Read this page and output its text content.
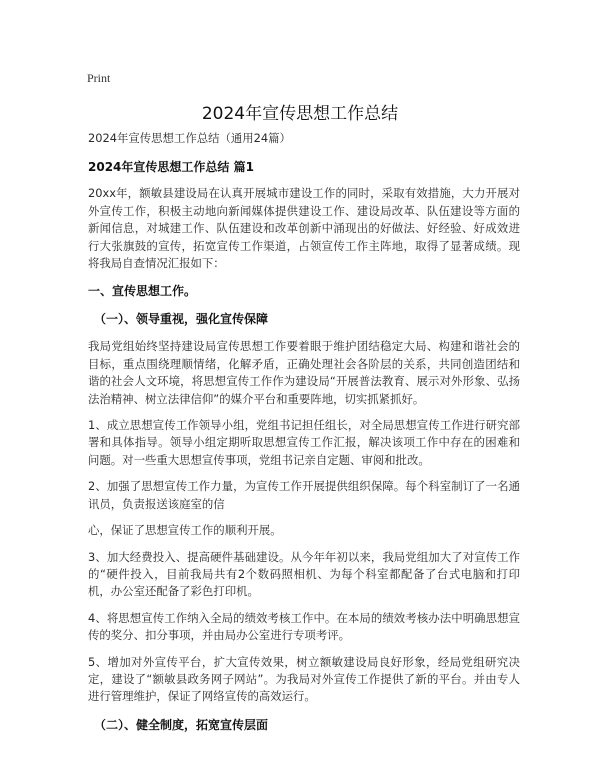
Print
2024年宣传思想工作总结

2024年宣传思想工作总结（通用24篇）

2024年宣传思想工作总结 篇1

20xx年，额敏县建设局在认真开展城市建设工作的同时，采取有效措施，大力开展对外宣传工作，积极主动地向新闻媒体提供建设工作、建设局改革、队伍建设等方面的新闻信息，对城建工作、队伍建设和改革创新中涌现出的好做法、好经验、好成效进行大张旗鼓的宣传，拓宽宣传工作渠道，占领宣传工作主阵地，取得了显著成绩。现将我局自查情况汇报如下：

一、宣传思想工作。

（一）、领导重视，强化宣传保障

我局党组始终坚持建设局宣传思想工作要着眼于维护团结稳定大局、构建和谐社会的目标，重点围绕理顺情绪，化解矛盾，正确处理社会各阶层的关系，共同创造团结和谐的社会人文环境，将思想宣传工作作为建设局“开展普法教育、展示对外形象、弘扬法治精神、树立法律信仰”的媒介平台和重要阵地，切实抓紧抓好。

1、成立思想宣传工作领导小组，党组书记担任组长，对全局思想宣传工作进行研究部署和具体指导。领导小组定期听取思想宣传工作汇报，解决该项工作中存在的困难和问题。对一些重大思想宣传事项，党组书记亲自定题、审阅和批改。

2、加强了思想宣传工作力量，为宣传工作开展提供组织保障。每个科室制订了一名通讯员，负责报送该庭室的信

心，保证了思想宣传工作的顺利开展。

3、加大经费投入、提高硬件基础建设。从今年年初以来，我局党组加大了对宣传工作的“硬件投入，目前我局共有2个数码照相机、为每个科室都配备了台式电脑和打印机，办公室还配备了彩色打印机。

4、将思想宣传工作纳入全局的绩效考核工作中。在本局的绩效考核办法中明确思想宣传的奖分、扣分事项，并由局办公室进行专项考评。

5、增加对外宣传平台，扩大宣传效果，树立额敏建设局良好形象，经局党组研究决定，建设了“额敏县政务网子网站”。为我局对外宣传工作提供了新的平台。并由专人进行管理维护，保证了网络宣传的高效运行。

（二）、健全制度，拓宽宣传层面
